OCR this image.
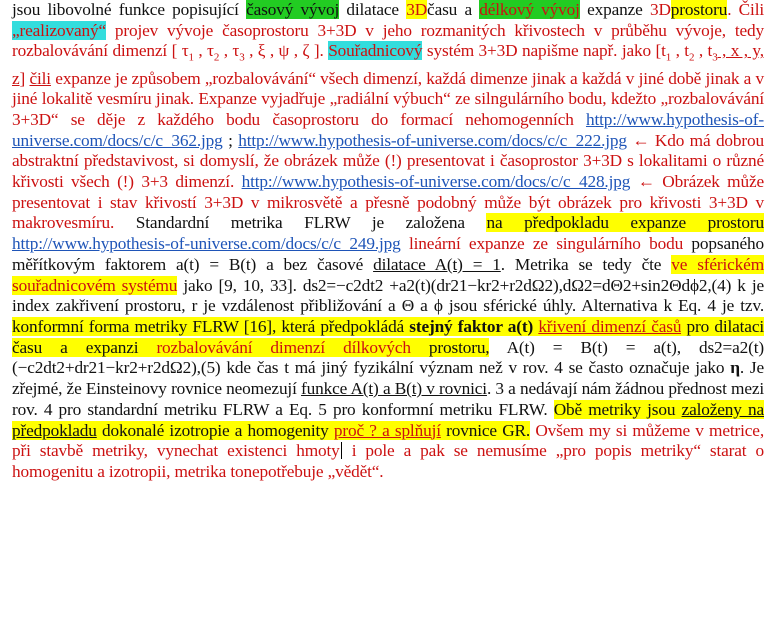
jsou libovolné funkce popisující časový vývoj dilatace 3Dčasu a délkový vývoj expanze 3Dprostoru. Čili „realizovaný“ projev vývoje časoprostoru 3+3D v jeho rozmanitých křivostech v průběhu vývoje, tedy rozbalovávání dimenzí [ $\tau_1$ , $\tau_2$ , $\tau_3$ , ξ , ψ , ζ ]. Souřadnicový systém 3+3D napišme např. jako [$t_1$ , $t_2$ , $t_3$ , x , y, z] čili expanze je způsobem „rozbalovávání“ všech dimenzí, každá dimenze jinak a každá v jiné době jinak a v jiné lokalitě vesmíru jinak. Expanze vyjadřuje „radiální výbuch“ ze silngulárního bodu, kdežto „rozbalovávání 3+3D“ se děje z každého bodu časoprostoru do formací nehomogenních http://www.hypothesis-of-universe.com/docs/c/c_362.jpg ; http://www.hypothesis-of-universe.com/docs/c/c_222.jpg ← Kdo má dobrou abstraktní představivost, si domyslí, že obrázek může (!) presentovat i časoprostor 3+3D s lokalitami o různé křivosti všech (!) 3+3 dimenzí. http://www.hypothesis-of-universe.com/docs/c/c_428.jpg ← Obrázek může presentovat i stav křivostí 3+3D v mikrosvětě a přesně podobný může být obrázek pro křivosti 3+3D v makrovesmíru. Standardní metrika FLRW je založena na předpokladu expanze prostoru http://www.hypothesis-of-universe.com/docs/c/c_249.jpg lineární expanze ze singulárního bodu popsaného měřítkovým faktorem a(t) = B(t) a bez časové dilatace A(t) = 1. Metrika se tedy čte ve sférickém souřadnicovém systému jako [9, 10, 33]. ds2=−c2dt2 +a2(t)(dr21−kr2+r2dΩ2),dΩ2=dΘ2+sin2Θdϕ2,(4) k je index zakřivení prostoru, r je vzdálenost přibližování a Θ a ϕ jsou sférické úhly. Alternativa k Eq. 4 je tzv. konformní forma metriky FLRW [16], která předpokládá stejný faktor a(t) křivení dimenzí časů pro dilataci času a expanzi rozbalovávání dimenzí dílkových prostoru, A(t) = B(t) = a(t), ds2=a2(t)(−c2dt2+dr21−kr2+r2dΩ2),(5) kde čas t má jiný fyzikální význam než v rov. 4 se často označuje jako η. Je zřejmé, že Einsteinovy rovnice neomezují funkce A(t) a B(t) v rovnici. 3 a nedávají nám žádnou přednost mezi rov. 4 pro standardní metriku FLRW a Eq. 5 pro konformní metriku FLRW. Obě metriky jsou založeny na předpokladu dokonalé izotropie a homogenity proč ? a splňují rovnice GR. Ovšem my si můžeme v metrice, při stavbě metriky, vynechat existenci hmoty i pole a pak se nemusíme „pro popis metriky“ starat o homogenitu a izotropii, metrika tonepotřebuje „vědět“.
